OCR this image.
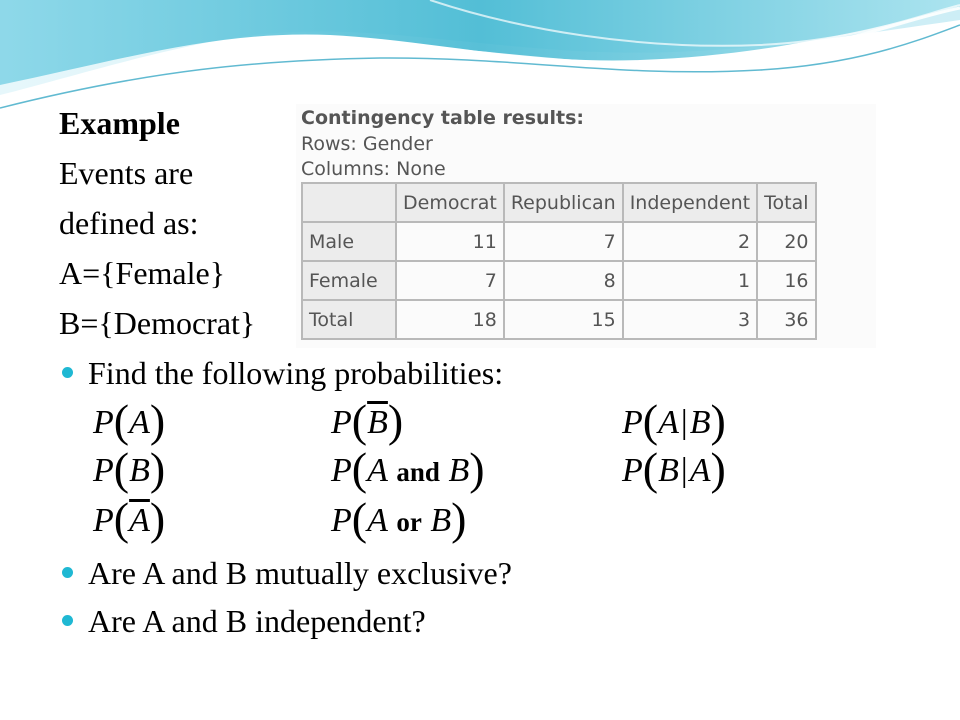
Example
Events are
defined as:
A={Female}
B={Democrat}
Contingency table results:
Rows: Gender
Columns: None
	Democrat	Republican	Independent	Total
Male	11	7	2	20
Female	7	8	1	16
Total	18	15	3	36
Find the following probabilities:
P(A)	$P(\overline{B})$	P(A|B)
P(B)	P(A and B)	P(B|A)
$P(\overline{A})$	P(A or B)
Are A and B mutually exclusive?
Are A and B independent?
